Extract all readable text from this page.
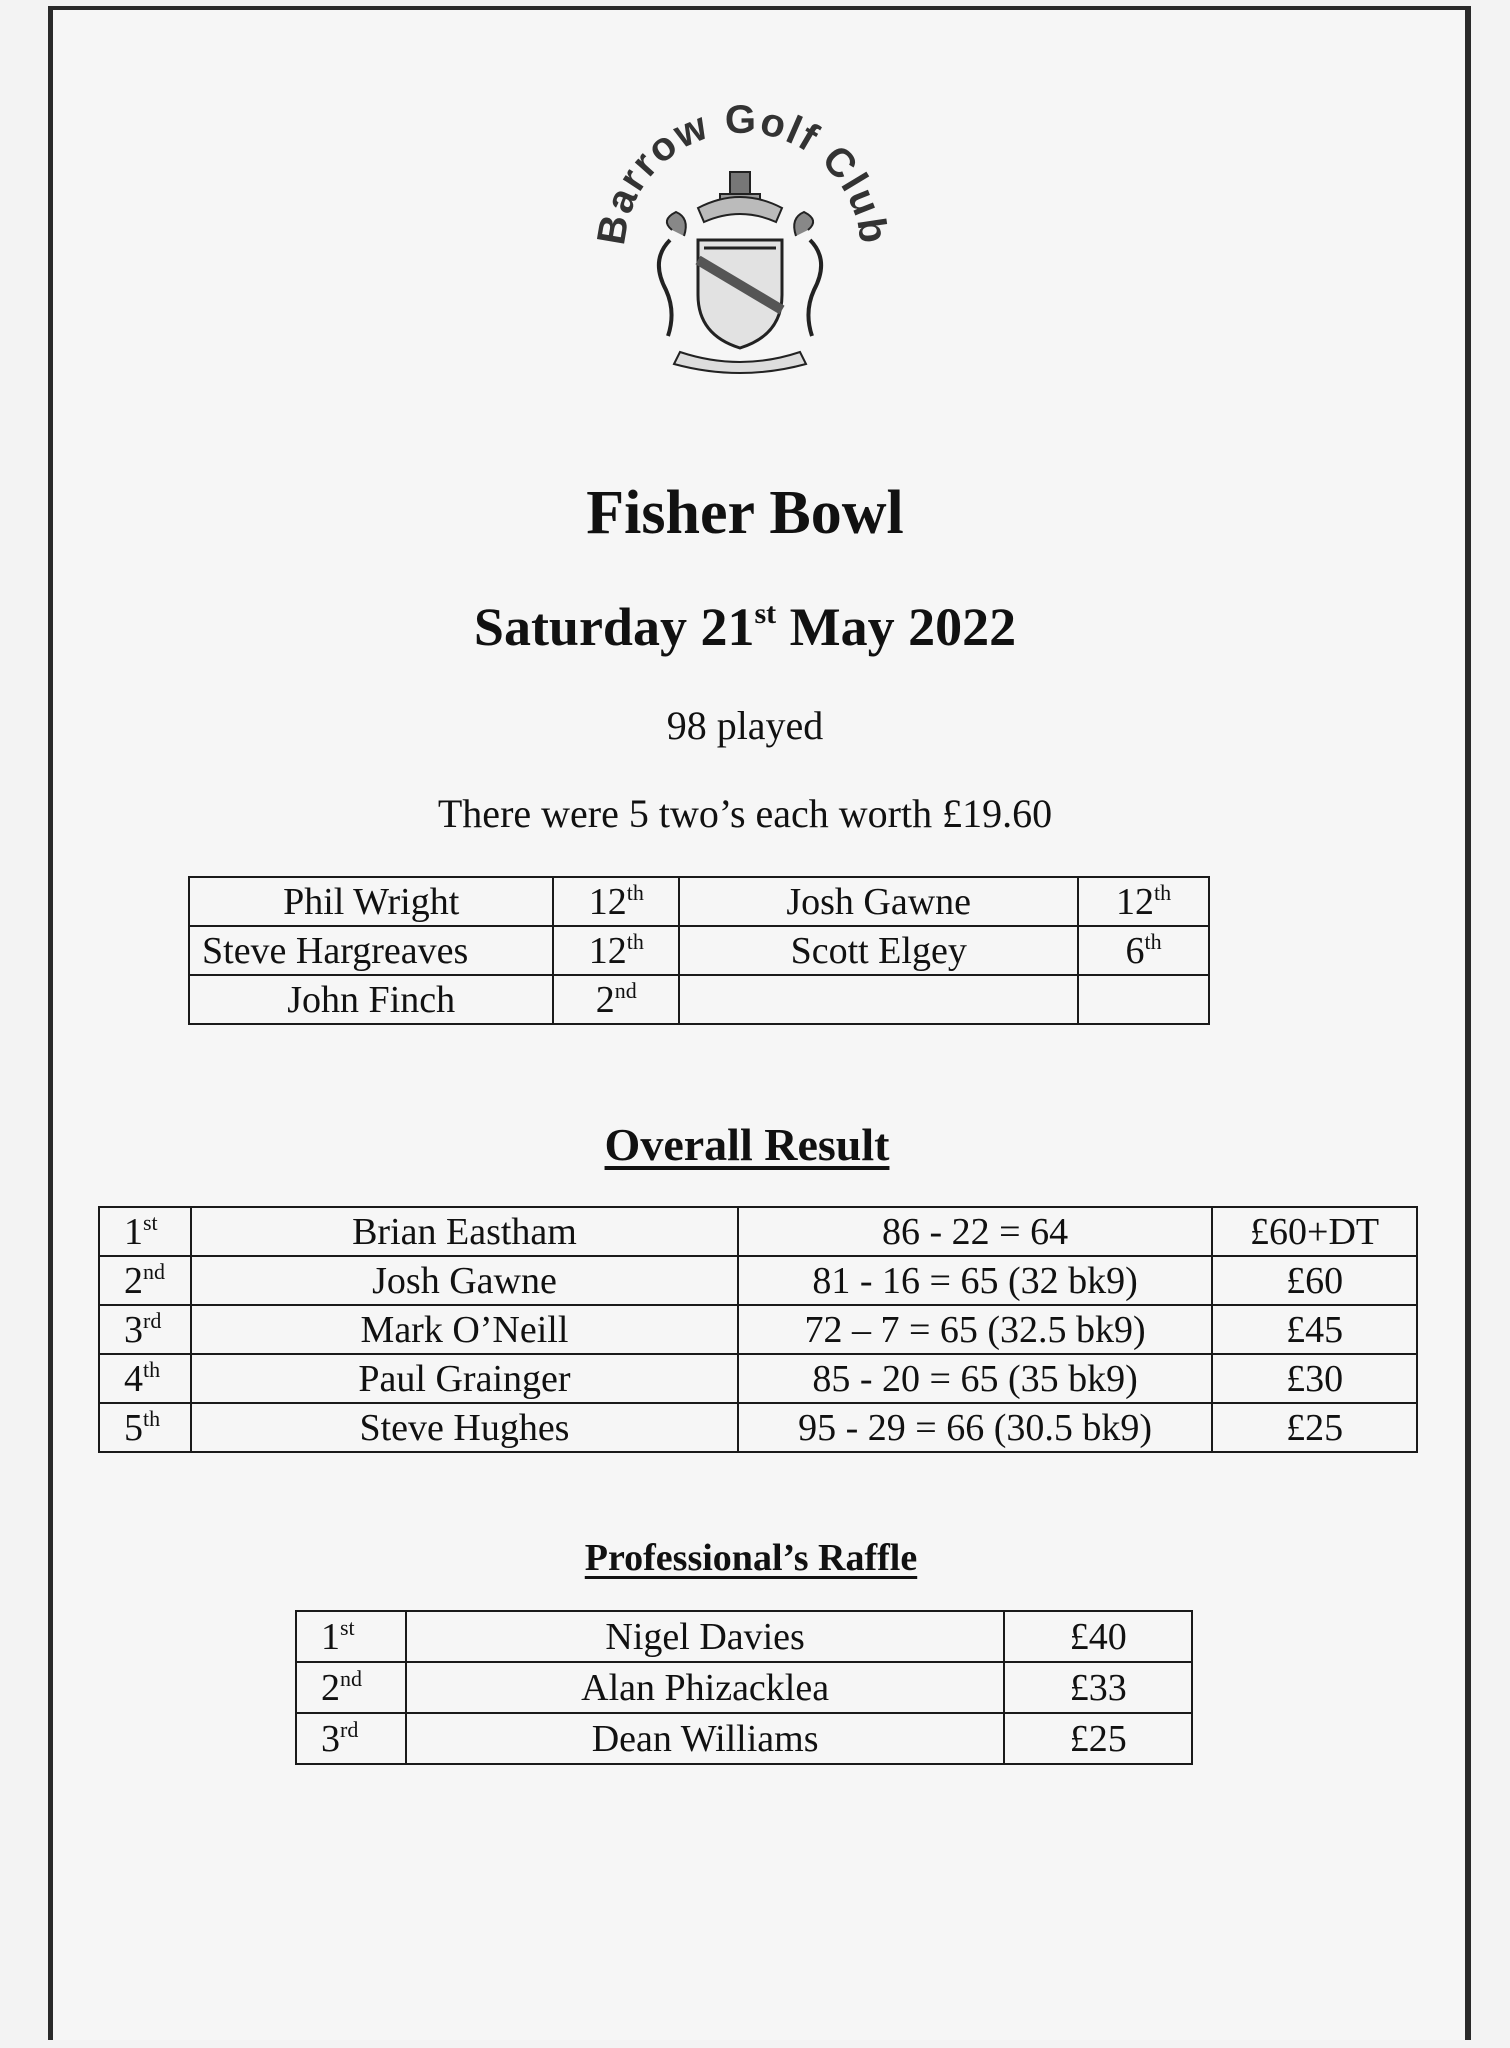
Barrow Golf Club
Fisher Bowl
Saturday 21st May 2022
98 played
There were 5 two’s each worth £19.60
Phil Wright	12th	Josh Gawne	12th
Steve Hargreaves	12th	Scott Elgey	6th
John Finch	2nd		
Overall Result
1st	Brian Eastham	86 - 22 = 64	£60+DT
2nd	Josh Gawne	81 - 16 = 65 (32 bk9)	£60
3rd	Mark O’Neill	72 – 7 = 65 (32.5 bk9)	£45
4th	Paul Grainger	85 - 20 = 65 (35 bk9)	£30
5th	Steve Hughes	95 - 29 = 66 (30.5 bk9)	£25
Professional’s Raffle
1st	Nigel Davies	£40
2nd	Alan Phizacklea	£33
3rd	Dean Williams	£25
